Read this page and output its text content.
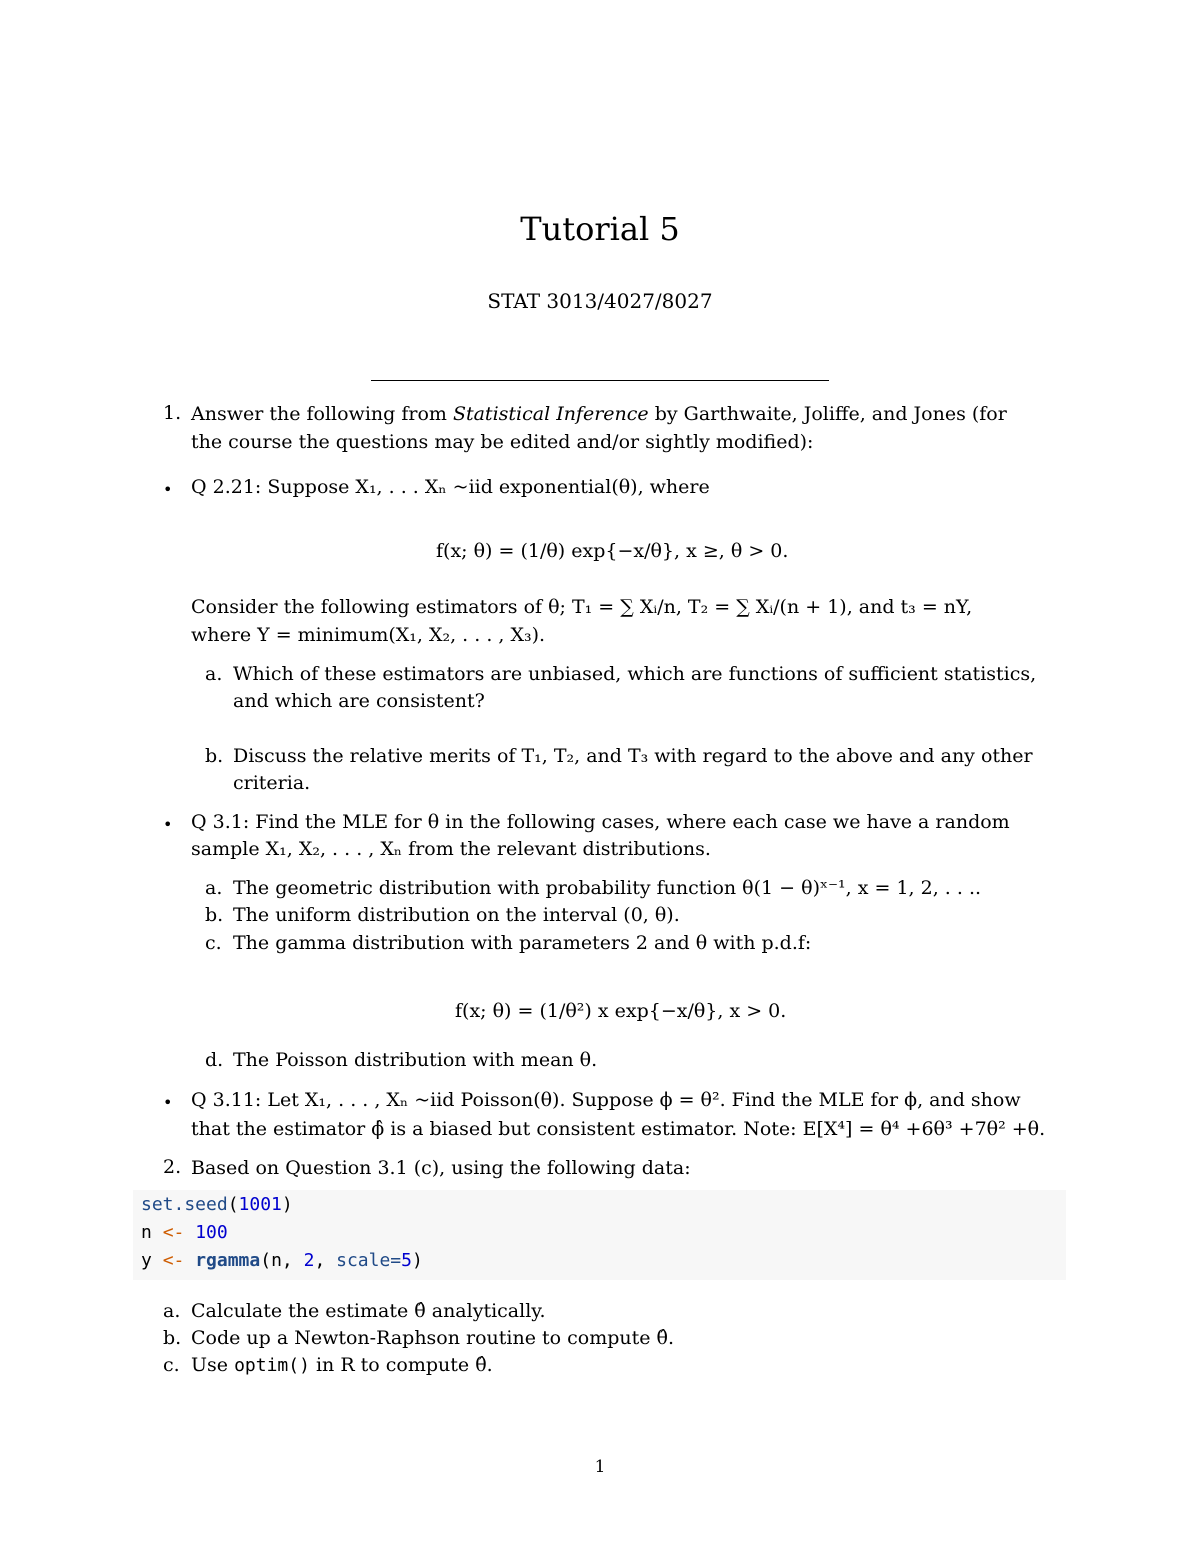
Tutorial 5
STAT 3013/4027/8027
1. Answer the following from Statistical Inference by Garthwaite, Joliffe, and Jones (for
the course the questions may be edited and/or sightly modified):
• Q 2.21: Suppose X₁, . . . Xₙ ~iid exponential(θ), where
f(x; θ) = (1/θ) exp{−x/θ}, x ≥, θ > 0.
Consider the following estimators of θ; T₁ = ∑ Xᵢ/n, T₂ = ∑ Xᵢ/(n + 1), and t₃ = nY,
where Y = minimum(X₁, X₂, . . . , X₃).
a. Which of these estimators are unbiased, which are functions of sufficient statistics,
and which are consistent?
b. Discuss the relative merits of T₁, T₂, and T₃ with regard to the above and any other
criteria.
• Q 3.1: Find the MLE for θ in the following cases, where each case we have a random
sample X₁, X₂, . . . , Xₙ from the relevant distributions.
a. The geometric distribution with probability function θ(1 − θ)ˣ⁻¹, x = 1, 2, . . ..
b. The uniform distribution on the interval (0, θ).
c. The gamma distribution with parameters 2 and θ with p.d.f:
f(x; θ) = (1/θ²) x exp{−x/θ}, x > 0.
d. The Poisson distribution with mean θ.
• Q 3.11: Let X₁, . . . , Xₙ ~iid Poisson(θ). Suppose ϕ = θ². Find the MLE for ϕ, and show
that the estimator ϕ̂ is a biased but consistent estimator. Note: E[X⁴] = θ⁴ +6θ³ +7θ² +θ.
2. Based on Question 3.1 (c), using the following data:
set.seed(1001)
n <- 100
y <- rgamma(n, 2, scale=5)
a. Calculate the estimate θ̂ analytically.
b. Code up a Newton-Raphson routine to compute θ̂.
c. Use optim() in R to compute θ̂.
1
